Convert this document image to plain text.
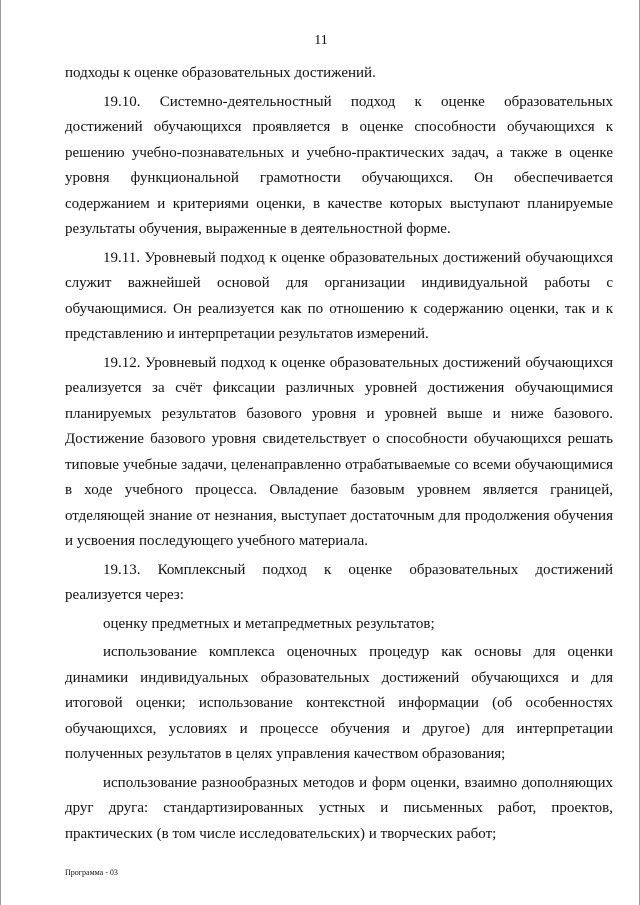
11

подходы к оценке образовательных достижений.

19.10. Системно-деятельностный подход к оценке образовательных достижений обучающихся проявляется в оценке способности обучающихся к решению учебно-познавательных и учебно-практических задач, а также в оценке уровня функциональной грамотности обучающихся. Он обеспечивается содержанием и критериями оценки, в качестве которых выступают планируемые результаты обучения, выраженные в деятельностной форме.

19.11. Уровневый подход к оценке образовательных достижений обучающихся служит важнейшей основой для организации индивидуальной работы с обучающимися. Он реализуется как по отношению к содержанию оценки, так и к представлению и интерпретации результатов измерений.

19.12. Уровневый подход к оценке образовательных достижений обучающихся реализуется за счёт фиксации различных уровней достижения обучающимися планируемых результатов базового уровня и уровней выше и ниже базового. Достижение базового уровня свидетельствует о способности обучающихся решать типовые учебные задачи, целенаправленно отрабатываемые со всеми обучающимися в ходе учебного процесса. Овладение базовым уровнем является границей, отделяющей знание от незнания, выступает достаточным для продолжения обучения и усвоения последующего учебного материала.

19.13. Комплексный подход к оценке образовательных достижений реализуется через:

оценку предметных и метапредметных результатов;

использование комплекса оценочных процедур как основы для оценки динамики индивидуальных образовательных достижений обучающихся и для итоговой оценки; использование контекстной информации (об особенностях обучающихся, условиях и процессе обучения и другое) для интерпретации полученных результатов в целях управления качеством образования;

использование разнообразных методов и форм оценки, взаимно дополняющих друг друга: стандартизированных устных и письменных работ, проектов, практических (в том числе исследовательских) и творческих работ;

Программа - 03
